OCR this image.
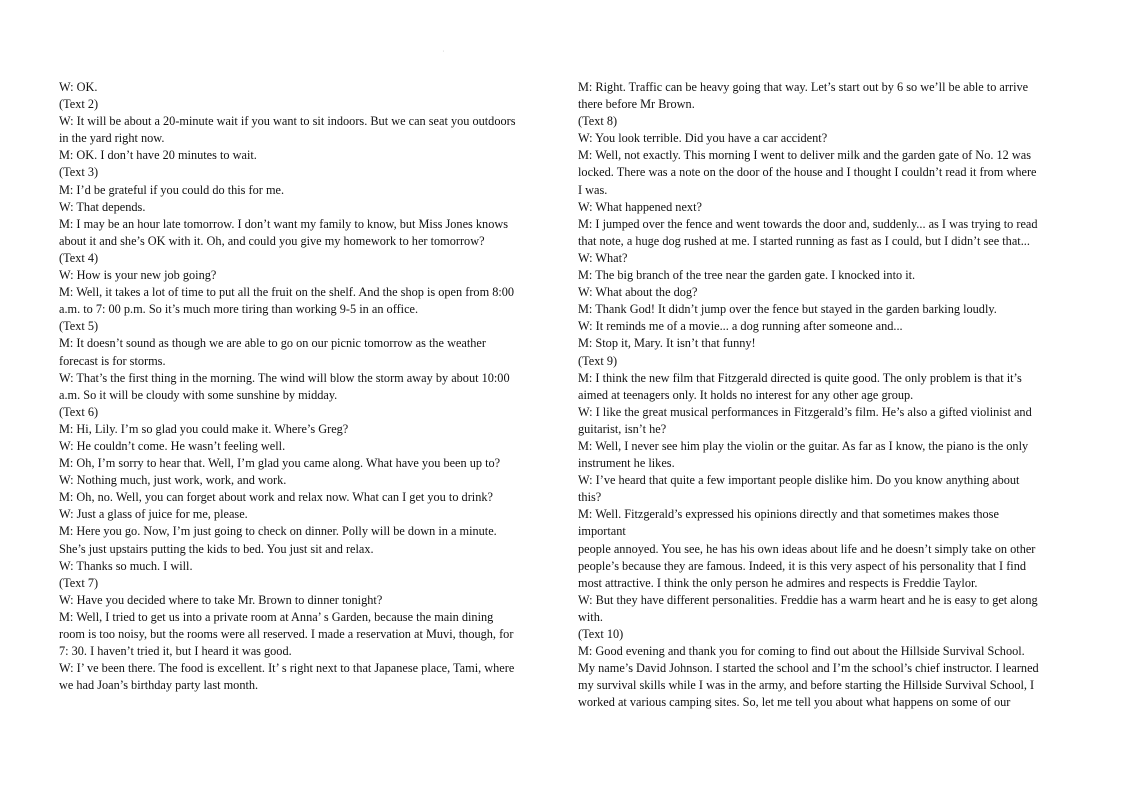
˙

W: OK.

(Text 2)

W: It will be about a 20-minute wait if you want to sit indoors. But we can seat you outdoors

in the yard right now.

M: OK. I don’t have 20 minutes to wait.

(Text 3)

M: I’d be grateful if you could do this for me.

W: That depends.

M: I may be an hour late tomorrow. I don’t want my family to know, but Miss Jones knows

about it and she’s OK with it. Oh, and could you give my homework to her tomorrow?

(Text 4)

W: How is your new job going?

M: Well, it takes a lot of time to put all the fruit on the shelf. And the shop is open from 8:00

a.m. to 7: 00 p.m. So it’s much more tiring than working 9-5 in an office.

(Text 5)

M: It doesn’t sound as though we are able to go on our picnic tomorrow as the weather

forecast is for storms.

W: That’s the first thing in the morning. The wind will blow the storm away by about 10:00

a.m. So it will be cloudy with some sunshine by midday.

(Text 6)

M: Hi, Lily. I’m so glad you could make it. Where’s Greg?

W: He couldn’t come. He wasn’t feeling well.

M: Oh, I’m sorry to hear that. Well, I’m glad you came along. What have you been up to?

W: Nothing much, just work, work, and work.

M: Oh, no. Well, you can forget about work and relax now. What can I get you to drink?

W: Just a glass of juice for me, please.

M: Here you go. Now, I’m just going to check on dinner. Polly will be down in a minute.

She’s just upstairs putting the kids to bed. You just sit and relax.

W: Thanks so much. I will.

(Text 7)

W: Have you decided where to take Mr. Brown to dinner tonight?

M: Well, I tried to get us into a private room at Anna’ s Garden, because the main dining

room is too noisy, but the rooms were all reserved. I made a reservation at Muvi, though, for

7: 30. I haven’t tried it, but I heard it was good.

W: I’ ve been there. The food is excellent. It’ s right next to that Japanese place, Tami, where

we had Joan’s birthday party last month.

M: Right. Traffic can be heavy going that way. Let’s start out by 6 so we’ll be able to arrive

there before Mr Brown.

(Text 8)

W: You look terrible. Did you have a car accident?

M: Well, not exactly. This morning I went to deliver milk and the garden gate of No. 12 was

locked. There was a note on the door of the house and I thought I couldn’t read it from where

I was.

W: What happened next?

M: I jumped over the fence and went towards the door and, suddenly... as I was trying to read

that note, a huge dog rushed at me. I started running as fast as I could, but I didn’t see that...

W: What?

M: The big branch of the tree near the garden gate. I knocked into it.

W: What about the dog?

M: Thank God! It didn’t jump over the fence but stayed in the garden barking loudly.

W: It reminds me of a movie... a dog running after someone and...

M: Stop it, Mary. It isn’t that funny!

(Text 9)

M: I think the new film that Fitzgerald directed is quite good. The only problem is that it’s

aimed at teenagers only. It holds no interest for any other age group.

W: I like the great musical performances in Fitzgerald’s film. He’s also a gifted violinist and

guitarist, isn’t he?

M: Well, I never see him play the violin or the guitar. As far as I know, the piano is the only

instrument he likes.

W: I’ve heard that quite a few important people dislike him. Do you know anything about

this?

M: Well. Fitzgerald’s expressed his opinions directly and that sometimes makes those

important

people annoyed. You see, he has his own ideas about life and he doesn’t simply take on other

people’s because they are famous. Indeed, it is this very aspect of his personality that I find

most attractive. I think the only person he admires and respects is Freddie Taylor.

W: But they have different personalities. Freddie has a warm heart and he is easy to get along

with.

(Text 10)

M: Good evening and thank you for coming to find out about the Hillside Survival School.

My name’s David Johnson. I started the school and I’m the school’s chief instructor. I learned

my survival skills while I was in the army, and before starting the Hillside Survival School, I

worked at various camping sites. So, let me tell you about what happens on some of our
